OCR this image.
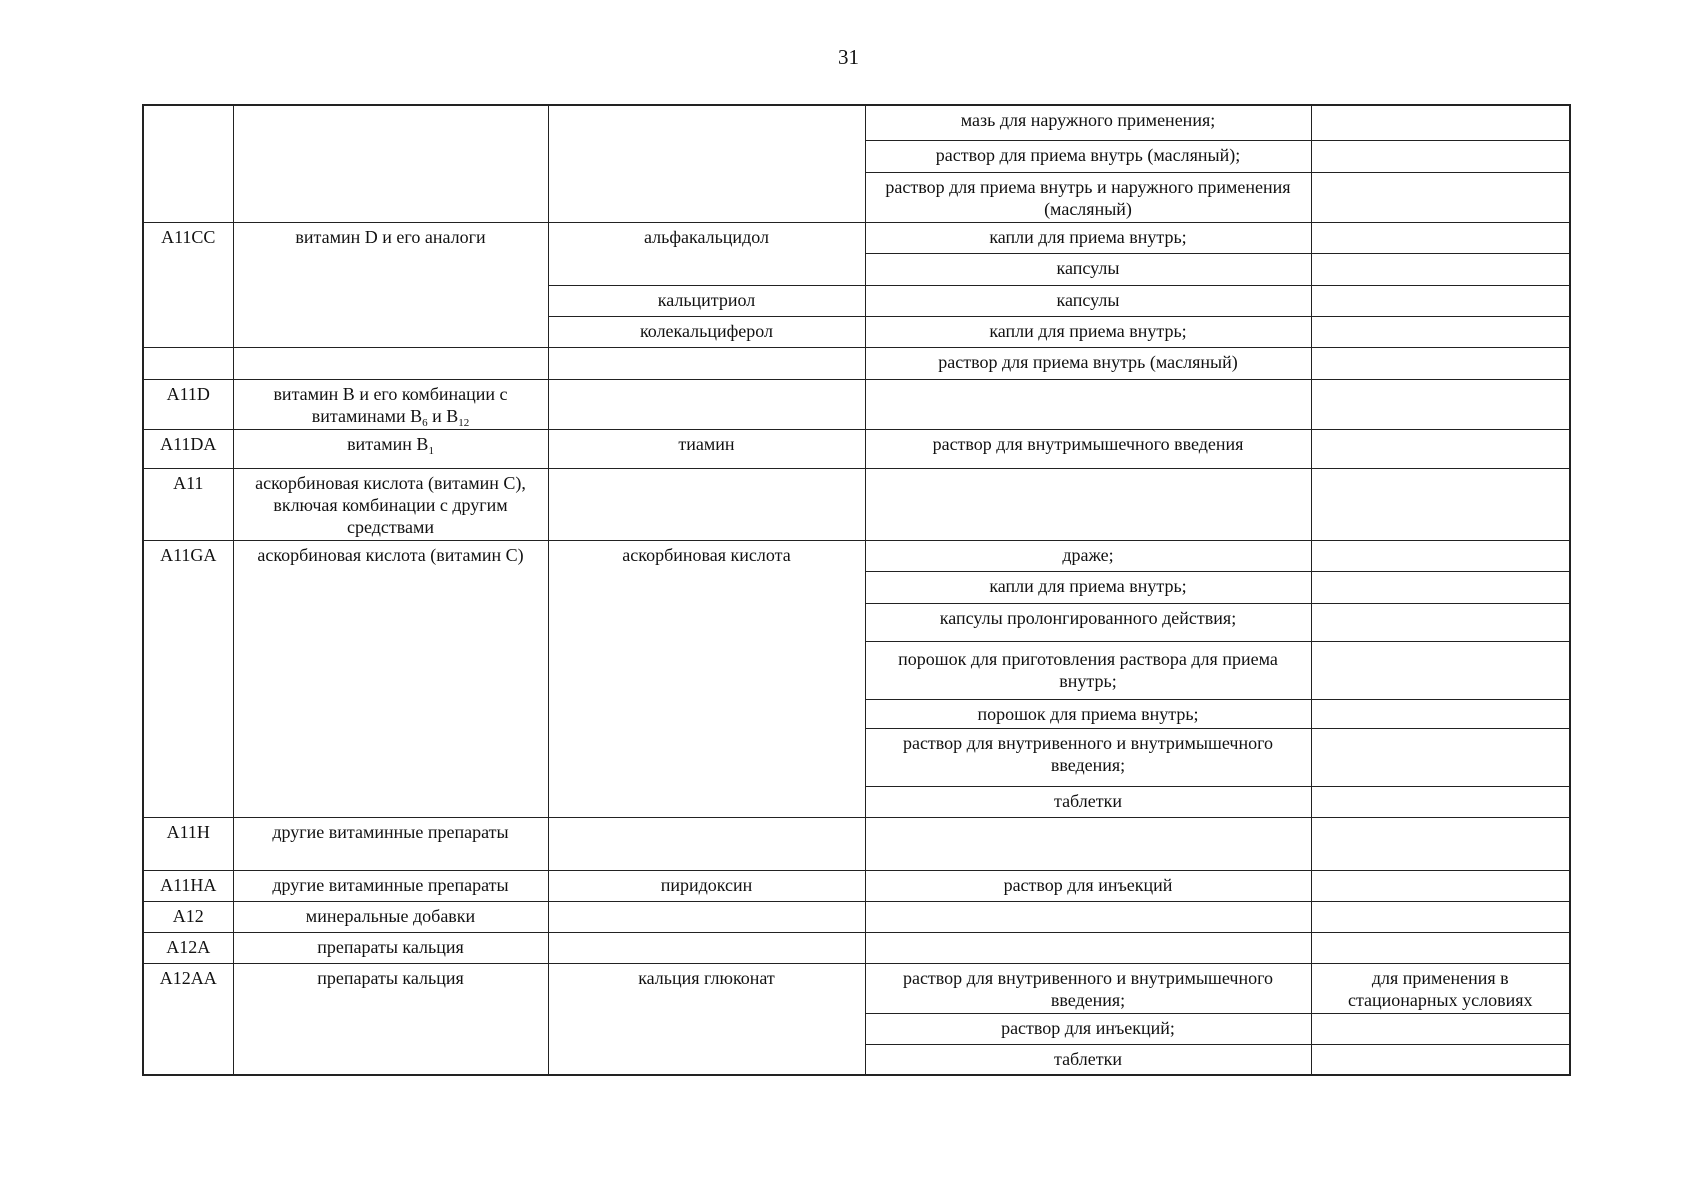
31
			мазь для наружного применения;	
			раствор для приема внутрь (масляный);	
			раствор для приема внутрь и наружного применения (масляный)	
A11CC	витамин D и его аналоги	альфакальцидол	капли для приема внутрь;	
			капсулы	
		кальцитриол	капсулы	
		колекальциферол	капли для приема внутрь;	
			раствор для приема внутрь (масляный)	
A11D	витамин B и его комбинации с витаминами $B_6$ и $B_{12}$			
A11DA	витамин $B_1$	тиамин	раствор для внутримышечного введения	
A11	аскорбиновая кислота (витамин С), включая комбинации с другим средствами			
A11GA	аскорбиновая кислота (витамин С)	аскорбиновая кислота	драже;	
			капли для приема внутрь;	
			капсулы пролонгированного действия;	
			порошок для приготовления раствора для приема внутрь;	
			порошок для приема внутрь;	
			раствор для внутривенного и внутримышечного введения;	
			таблетки	
A11H	другие витаминные препараты			
A11HA	другие витаминные препараты	пиридоксин	раствор для инъекций	
A12	минеральные добавки			
A12A	препараты кальция			
A12AA	препараты кальция	кальция глюконат	раствор для внутривенного и внутримышечного введения;	для применения в стационарных условиях
			раствор для инъекций;	
			таблетки	
